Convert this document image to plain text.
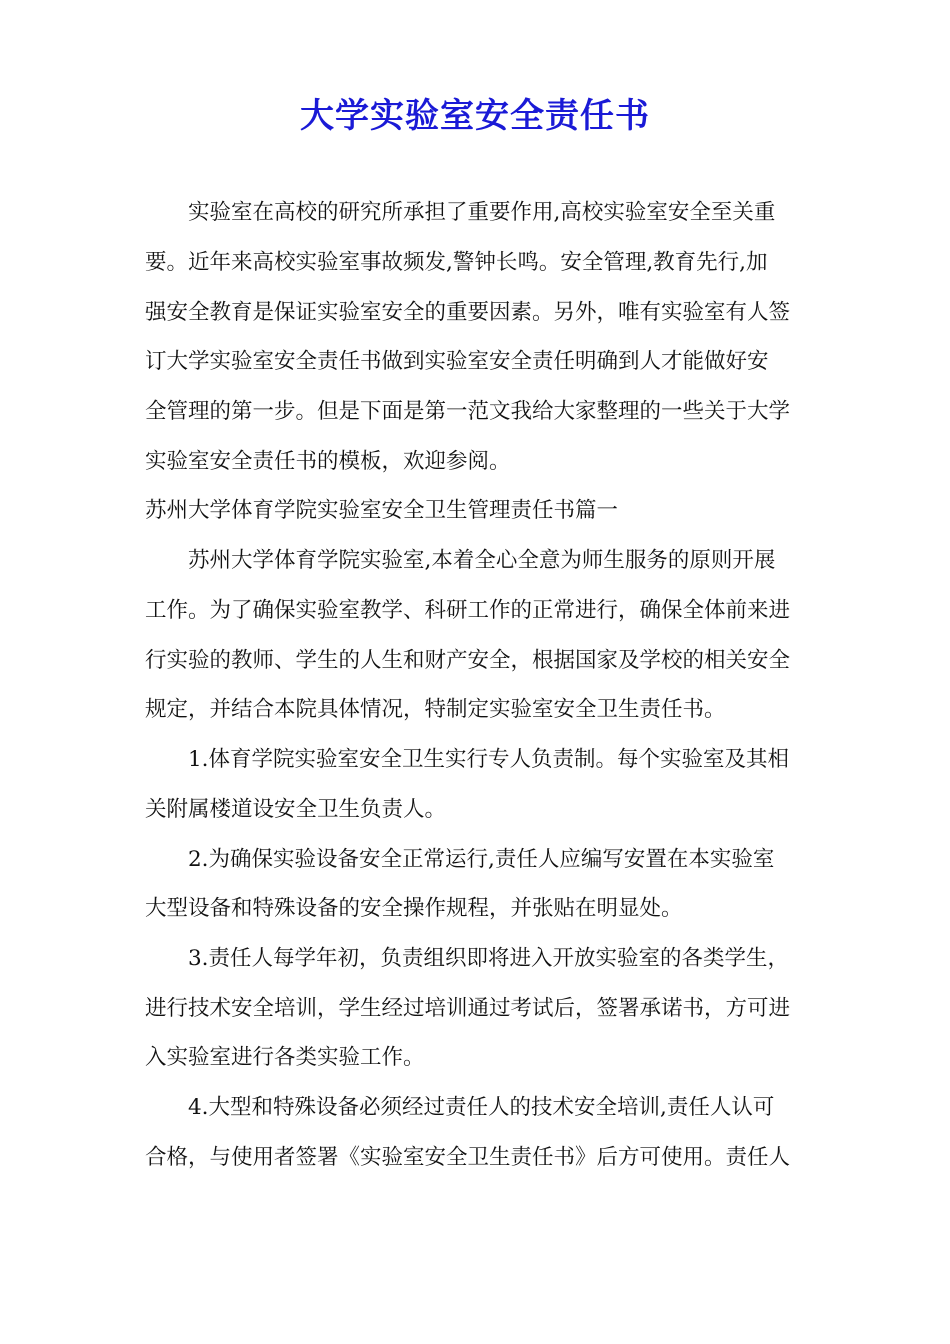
大学实验室安全责任书
实验室在高校的研究所承担了重要作用,高校实验室安全至关重
要。近年来高校实验室事故频发,警钟长鸣。安全管理,教育先行,加
强安全教育是保证实验室安全的重要因素。另外，唯有实验室有人签
订大学实验室安全责任书做到实验室安全责任明确到人才能做好安
全管理的第一步。但是下面是第一范文我给大家整理的一些关于大学
实验室安全责任书的模板，欢迎参阅。
苏州大学体育学院实验室安全卫生管理责任书篇一
苏州大学体育学院实验室,本着全心全意为师生服务的原则开展
工作。为了确保实验室教学、科研工作的正常进行，确保全体前来进
行实验的教师、学生的人生和财产安全，根据国家及学校的相关安全
规定，并结合本院具体情况，特制定实验室安全卫生责任书。
1.体育学院实验室安全卫生实行专人负责制。每个实验室及其相
关附属楼道设安全卫生负责人。
2.为确保实验设备安全正常运行,责任人应编写安置在本实验室
大型设备和特殊设备的安全操作规程，并张贴在明显处。
3.责任人每学年初，负责组织即将进入开放实验室的各类学生，
进行技术安全培训，学生经过培训通过考试后，签署承诺书，方可进
入实验室进行各类实验工作。
4.大型和特殊设备必须经过责任人的技术安全培训,责任人认可
合格，与使用者签署《实验室安全卫生责任书》后方可使用。责任人
